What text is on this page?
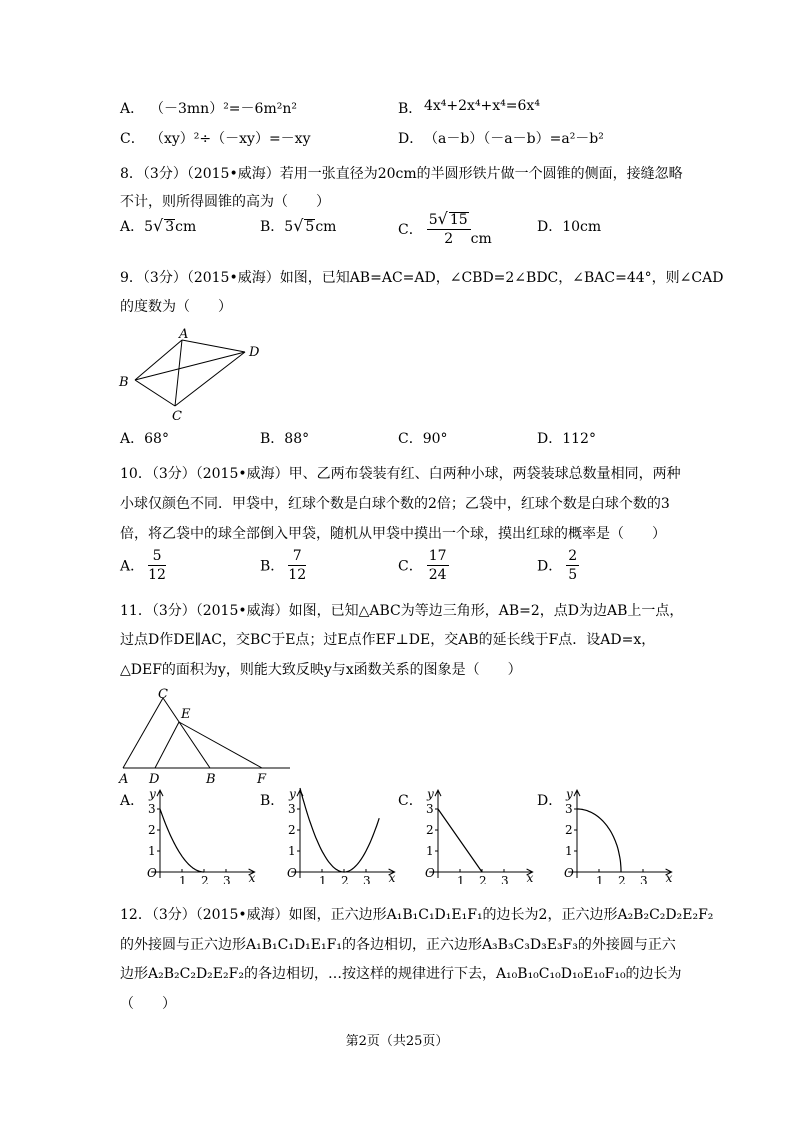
A． （－3mn）²=－6m²n²	B． 4x⁴+2x⁴+x⁴=6x⁴
C． （xy）²÷（－xy）=－xy	D． （a－b）（－a－b）=a²－b²
8．（3分）（2015•威海）若用一张直径为20cm的半圆形铁片做一个圆锥的侧面，接缝忽略
不计，则所得圆锥的高为（　　）
A．5√ 3cm	B．5√ 5cm	C． $\frac{5√ 15}{2}$ cm
D．10cm
9．（3分）（2015•威海）如图，已知AB=AC=AD，∠CBD=2∠BDC，∠BAC=44°，则∠CAD
的度数为（　　）
A
B
C
D
A．68°	B．88°	C．90°	D．112°
10．（3分）（2015•威海）甲、乙两布袋装有红、白两种小球，两袋装球总数量相同，两种
小球仅颜色不同．甲袋中，红球个数是白球个数的2倍；乙袋中，红球个数是白球个数的3
倍，将乙袋中的球全部倒入甲袋，随机从甲袋中摸出一个球，摸出红球的概率是（　　）
A． $\frac{5}{12}$	B． $\frac{7}{12}$	C． $\frac{17}{24}$	D． $\frac{2}{5}$
11．（3分）（2015•威海）如图，已知△ABC为等边三角形，AB=2，点D为边AB上一点，
过点D作DE∥AC，交BC于E点；过E点作EF⊥DE，交AB的延长线于F点．设AD=x，
△DEF的面积为y，则能大致反映y与x函数关系的图象是（　　）
C
E
A D	B	F
A．	B．	C．	D．
O
1
2
3
1 2 3 x
y
O
1
2
3
1 2 3 x
y
O
1
2
3
1 2 3 x
y
O
1
2
3
1 2 3 x
y
12．（3分）（2015•威海）如图，正六边形A₁B₁C₁D₁E₁F₁的边长为2，正六边形A₂B₂C₂D₂E₂F₂
的外接圆与正六边形A₁B₁C₁D₁E₁F₁的各边相切，正六边形A₃B₃C₃D₃E₃F₃的外接圆与正六
边形A₂B₂C₂D₂E₂F₂的各边相切，…按这样的规律进行下去，A₁₀B₁₀C₁₀D₁₀E₁₀F₁₀的边长为
（　　）
第2页（共25页）
